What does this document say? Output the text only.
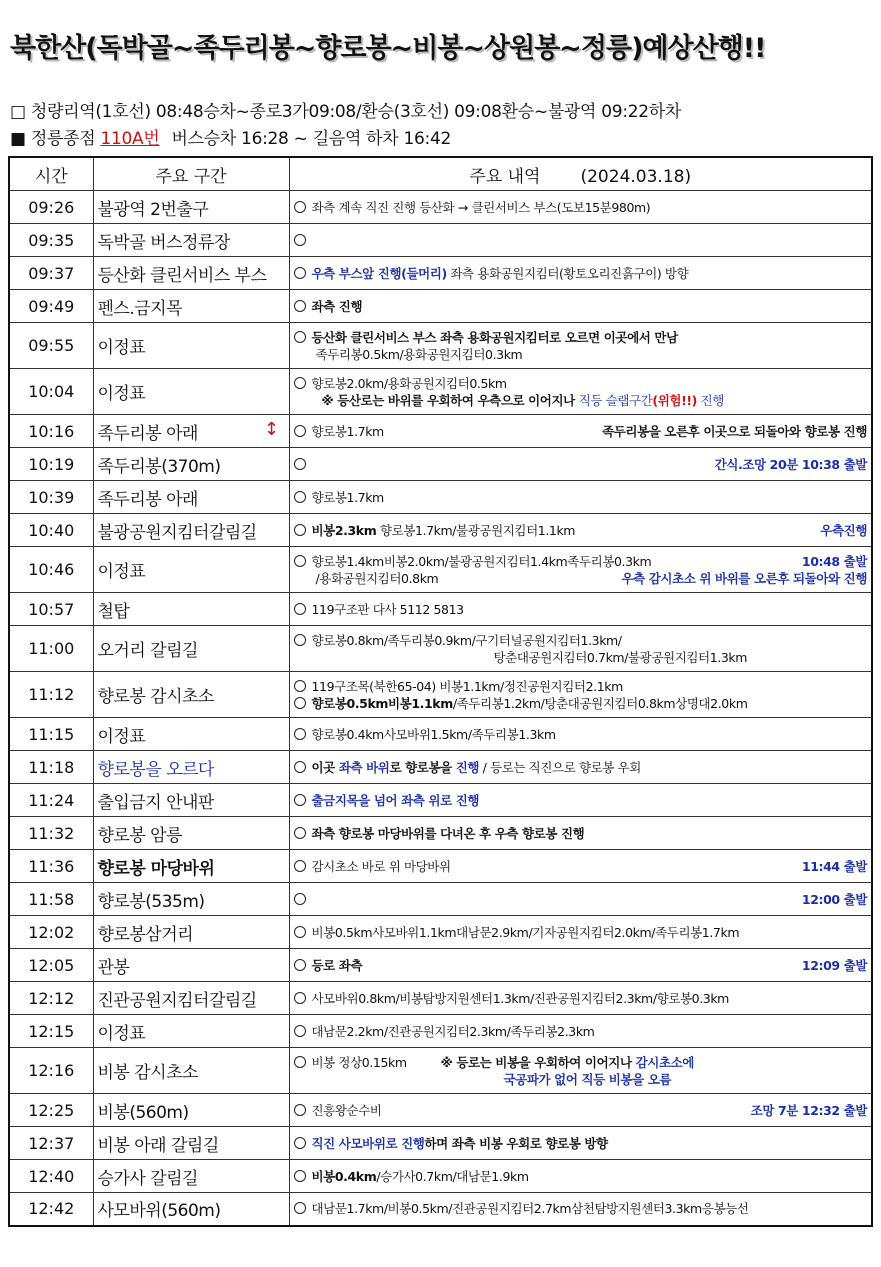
북한산(독박골~족두리봉~향로봉~비봉~상원봉~정릉)예상산행!!
□ 청량리역(1호선) 08:48승차~종로3가09:08/환승(3호선) 09:08환승~불광역 09:22하차
■ 정릉종점 110A번 버스승차 16:28 ~ 길음역 하차 16:42
시간	주요 구간	주요 내역 (2024.03.18)
09:26	불광역 2번출구	좌측 계속 직진 진행 등산화 → 클린서비스 부스(도보15분980m)
09:35	독박골 버스정류장	
09:37	등산화 클린서비스 부스	우측 부스앞 진행(들머리) 좌측 용화공원지킴터(황토오리진흙구이) 방향
09:49	펜스.금지목	좌측 진행
09:55	이정표	등산화 클린서비스 부스 좌측 용화공원지킴터로 오르면 이곳에서 만남
족두리봉0.5km/용화공원지킴터0.3km
10:04	이정표	향로봉2.0km/용화공원지킴터0.5km
※ 등산로는 바위를 우회하여 우측으로 이어지나 직등 슬랩구간(위험!!) 진행
10:16	족두리봉 아래 ↕	향로봉1.7km 족두리봉을 오른후 이곳으로 되돌아와 향로봉 진행

10:19	족두리봉(370m)	간식.조망 20분 10:38 출발

10:39	족두리봉 아래	향로봉1.7km
10:40	불광공원지킴터갈림길	비봉2.3km 향로봉1.7km/불광공원지킴터1.1km 우측진행

10:46	이정표	향로봉1.4km비봉2.0km/불광공원지킴터1.4km족두리봉0.3km 10:48 출발

/용화공원지킴터0.8km 우측 감시초소 위 바위를 오른후 되돌아와 진행

10:57	철탑	119구조판 다사 5112 5813
11:00	오거리 갈림길	향로봉0.8km/족두리봉0.9km/구기터널공원지킴터1.3km/
탕춘대공원지킴터0.7km/불광공원지킴터1.3km
11:12	향로봉 감시초소	119구조목(북한65-04) 비봉1.1km/정진공원지킴터2.1km
향로봉0.5km비봉1.1km/족두리봉1.2km/탕춘대공원지킴터0.8km상명대2.0km
11:15	이정표	향로봉0.4km사모바위1.5km/족두리봉1.3km
11:18	향로봉을 오르다	이곳 좌측 바위로 향로봉을 진행 / 등로는 직진으로 향로봉 우회
11:24	출입금지 안내판	출금지목을 넘어 좌측 위로 진행
11:32	향로봉 암릉	좌측 향로봉 마당바위를 다녀온 후 우측 향로봉 진행
11:36	향로봉 마당바위	감시초소 바로 위 마당바위 11:44 출발

11:58	향로봉(535m)	12:00 출발

12:02	향로봉삼거리	비봉0.5km사모바위1.1km대남문2.9km/기자공원지킴터2.0km/족두리봉1.7km
12:05	관봉	등로 좌측 12:09 출발

12:12	진관공원지킴터갈림길	사모바위0.8km/비봉탐방지원센터1.3km/진관공원지킴터2.3km/향로봉0.3km
12:15	이정표	대남문2.2km/진관공원지킴터2.3km/족두리봉2.3km
12:16	비봉 감시초소	비봉 정상0.15km ※ 등로는 비봉을 우회하여 이어지나 감시초소에
국공파가 없어 직등 비봉을 오름
12:25	비봉(560m)	진흥왕순수비 조망 7분 12:32 출발

12:37	비봉 아래 갈림길	직진 사모바위로 진행하며 좌측 비봉 우회로 향로봉 방향
12:40	승가사 갈림길	비봉0.4km/승가사0.7km/대남문1.9km
12:42	사모바위(560m)	대남문1.7km/비봉0.5km/진관공원지킴터2.7km삼천탐방지원센터3.3km응봉능선
